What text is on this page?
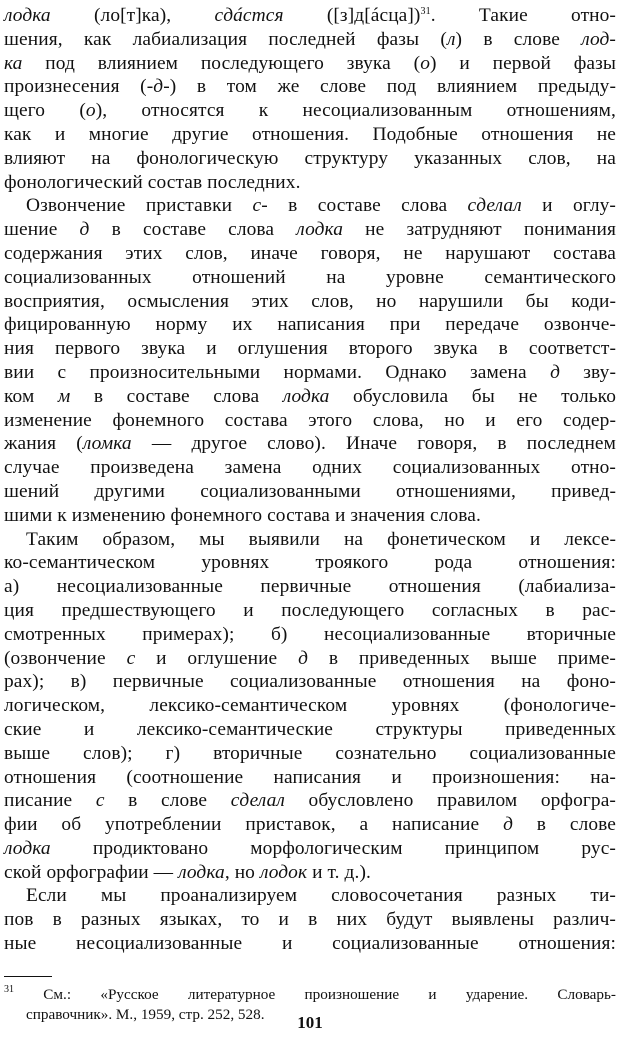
лодка (ло[т]ка), сдáстся ([з]д[áсца])$^{31}$. Такие отно-
шения, как лабиализация последней фазы (л) в слове лод-
ка под влиянием последующего звука (о) и первой фазы
произнесения (-д-) в том же слове под влиянием предыду-
щего (о), относятся к несоциализованным отношениям,
как и многие другие отношения. Подобные отношения не
влияют на фонологическую структуру указанных слов, на
фонологический состав последних.
Озвончение приставки с- в составе слова сделал и оглу-
шение д в составе слова лодка не затрудняют понимания
содержания этих слов, иначе говоря, не нарушают состава
социализованных отношений на уровне семантического
восприятия, осмысления этих слов, но нарушили бы коди-
фицированную норму их написания при передаче озвонче-
ния первого звука и оглушения второго звука в соответст-
вии с произносительными нормами. Однако замена д зву-
ком м в составе слова лодка обусловила бы не только
изменение фонемного состава этого слова, но и его содер-
жания (ломка — другое слово). Иначе говоря, в последнем
случае произведена замена одних социализованных отно-
шений другими социализованными отношениями, привед-
шими к изменению фонемного состава и значения слова.
Таким образом, мы выявили на фонетическом и лексе-
ко-семантическом уровнях троякого рода отношения:
а) несоциализованные первичные отношения (лабиализа-
ция предшествующего и последующего согласных в рас-
смотренных примерах); б) несоциализованные вторичные
(озвончение с и оглушение д в приведенных выше приме-
рах); в) первичные социализованные отношения на фоно-
логическом, лексико-семантическом уровнях (фонологиче-
ские и лексико-семантические структуры приведенных
выше слов); г) вторичные сознательно социализованные
отношения (соотношение написания и произношения: на-
писание с в слове сделал обусловлено правилом орфогра-
фии об употреблении приставок, а написание д в слове
лодка продиктовано морфологическим принципом рус-
ской орфографии — лодка, но лодок и т. д.).
Если мы проанализируем словосочетания разных ти-
пов в разных языках, то и в них будут выявлены различ-
ные несоциализованные и социализованные отношения:
$^{31}$ См.: «Русское литературное произношение и ударение. Словарь-
справочник». М., 1959, стр. 252, 528.	101
